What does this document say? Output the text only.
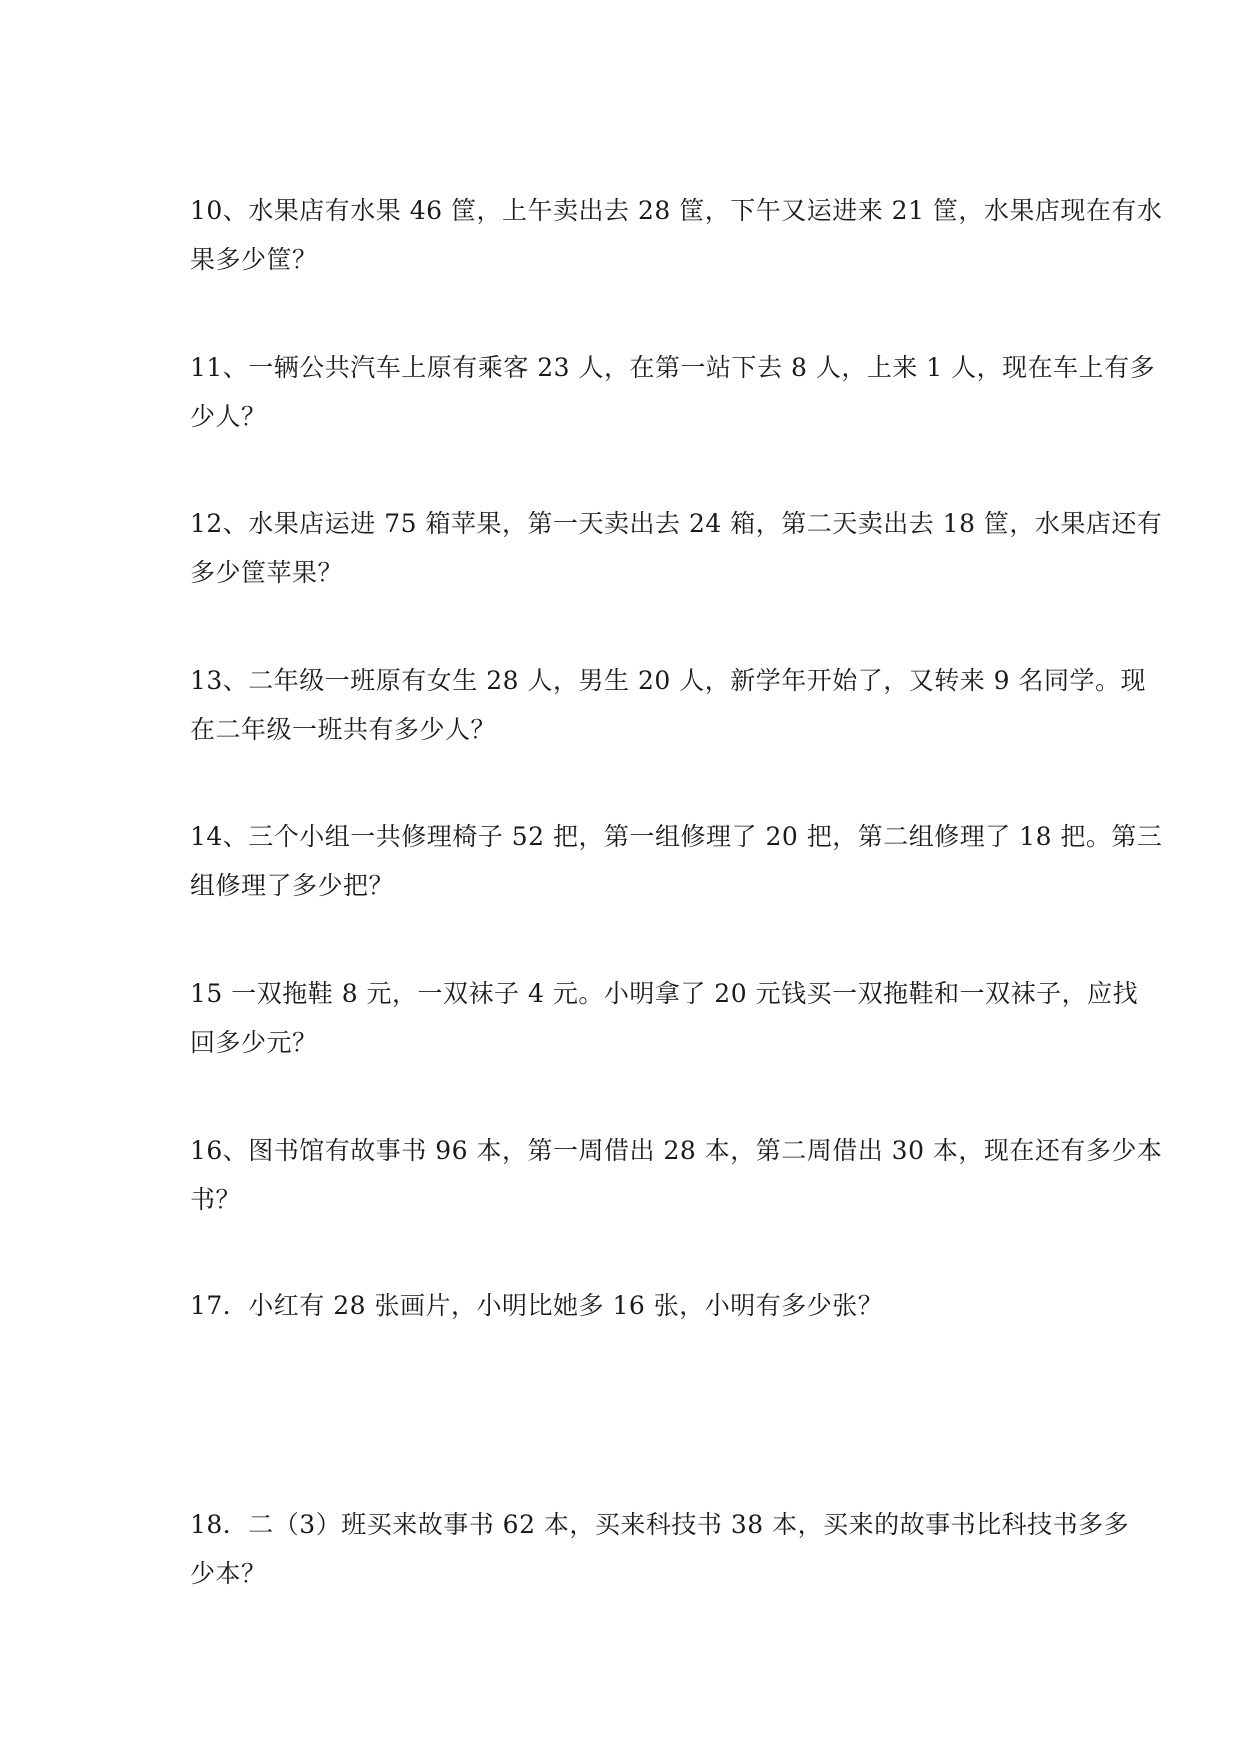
10、水果店有水果 46 筐，上午卖出去 28 筐，下午又运进来 21 筐，水果店现在有水
果多少筐？
11、一辆公共汽车上原有乘客 23 人，在第一站下去 8 人，上来 1 人，现在车上有多
少人？
12、水果店运进 75 箱苹果，第一天卖出去 24 箱，第二天卖出去 18 筐，水果店还有
多少筐苹果？
13、二年级一班原有女生 28 人，男生 20 人，新学年开始了，又转来 9 名同学。现
在二年级一班共有多少人？
14、三个小组一共修理椅子 52 把，第一组修理了 20 把，第二组修理了 18 把。第三
组修理了多少把？
15 一双拖鞋 8 元，一双袜子 4 元。小明拿了 20 元钱买一双拖鞋和一双袜子，应找
回多少元？
16、图书馆有故事书 96 本，第一周借出 28 本，第二周借出 30 本，现在还有多少本
书？
17．小红有 28 张画片，小明比她多 16 张，小明有多少张？
18．二（3）班买来故事书 62 本，买来科技书 38 本，买来的故事书比科技书多多
少本？
